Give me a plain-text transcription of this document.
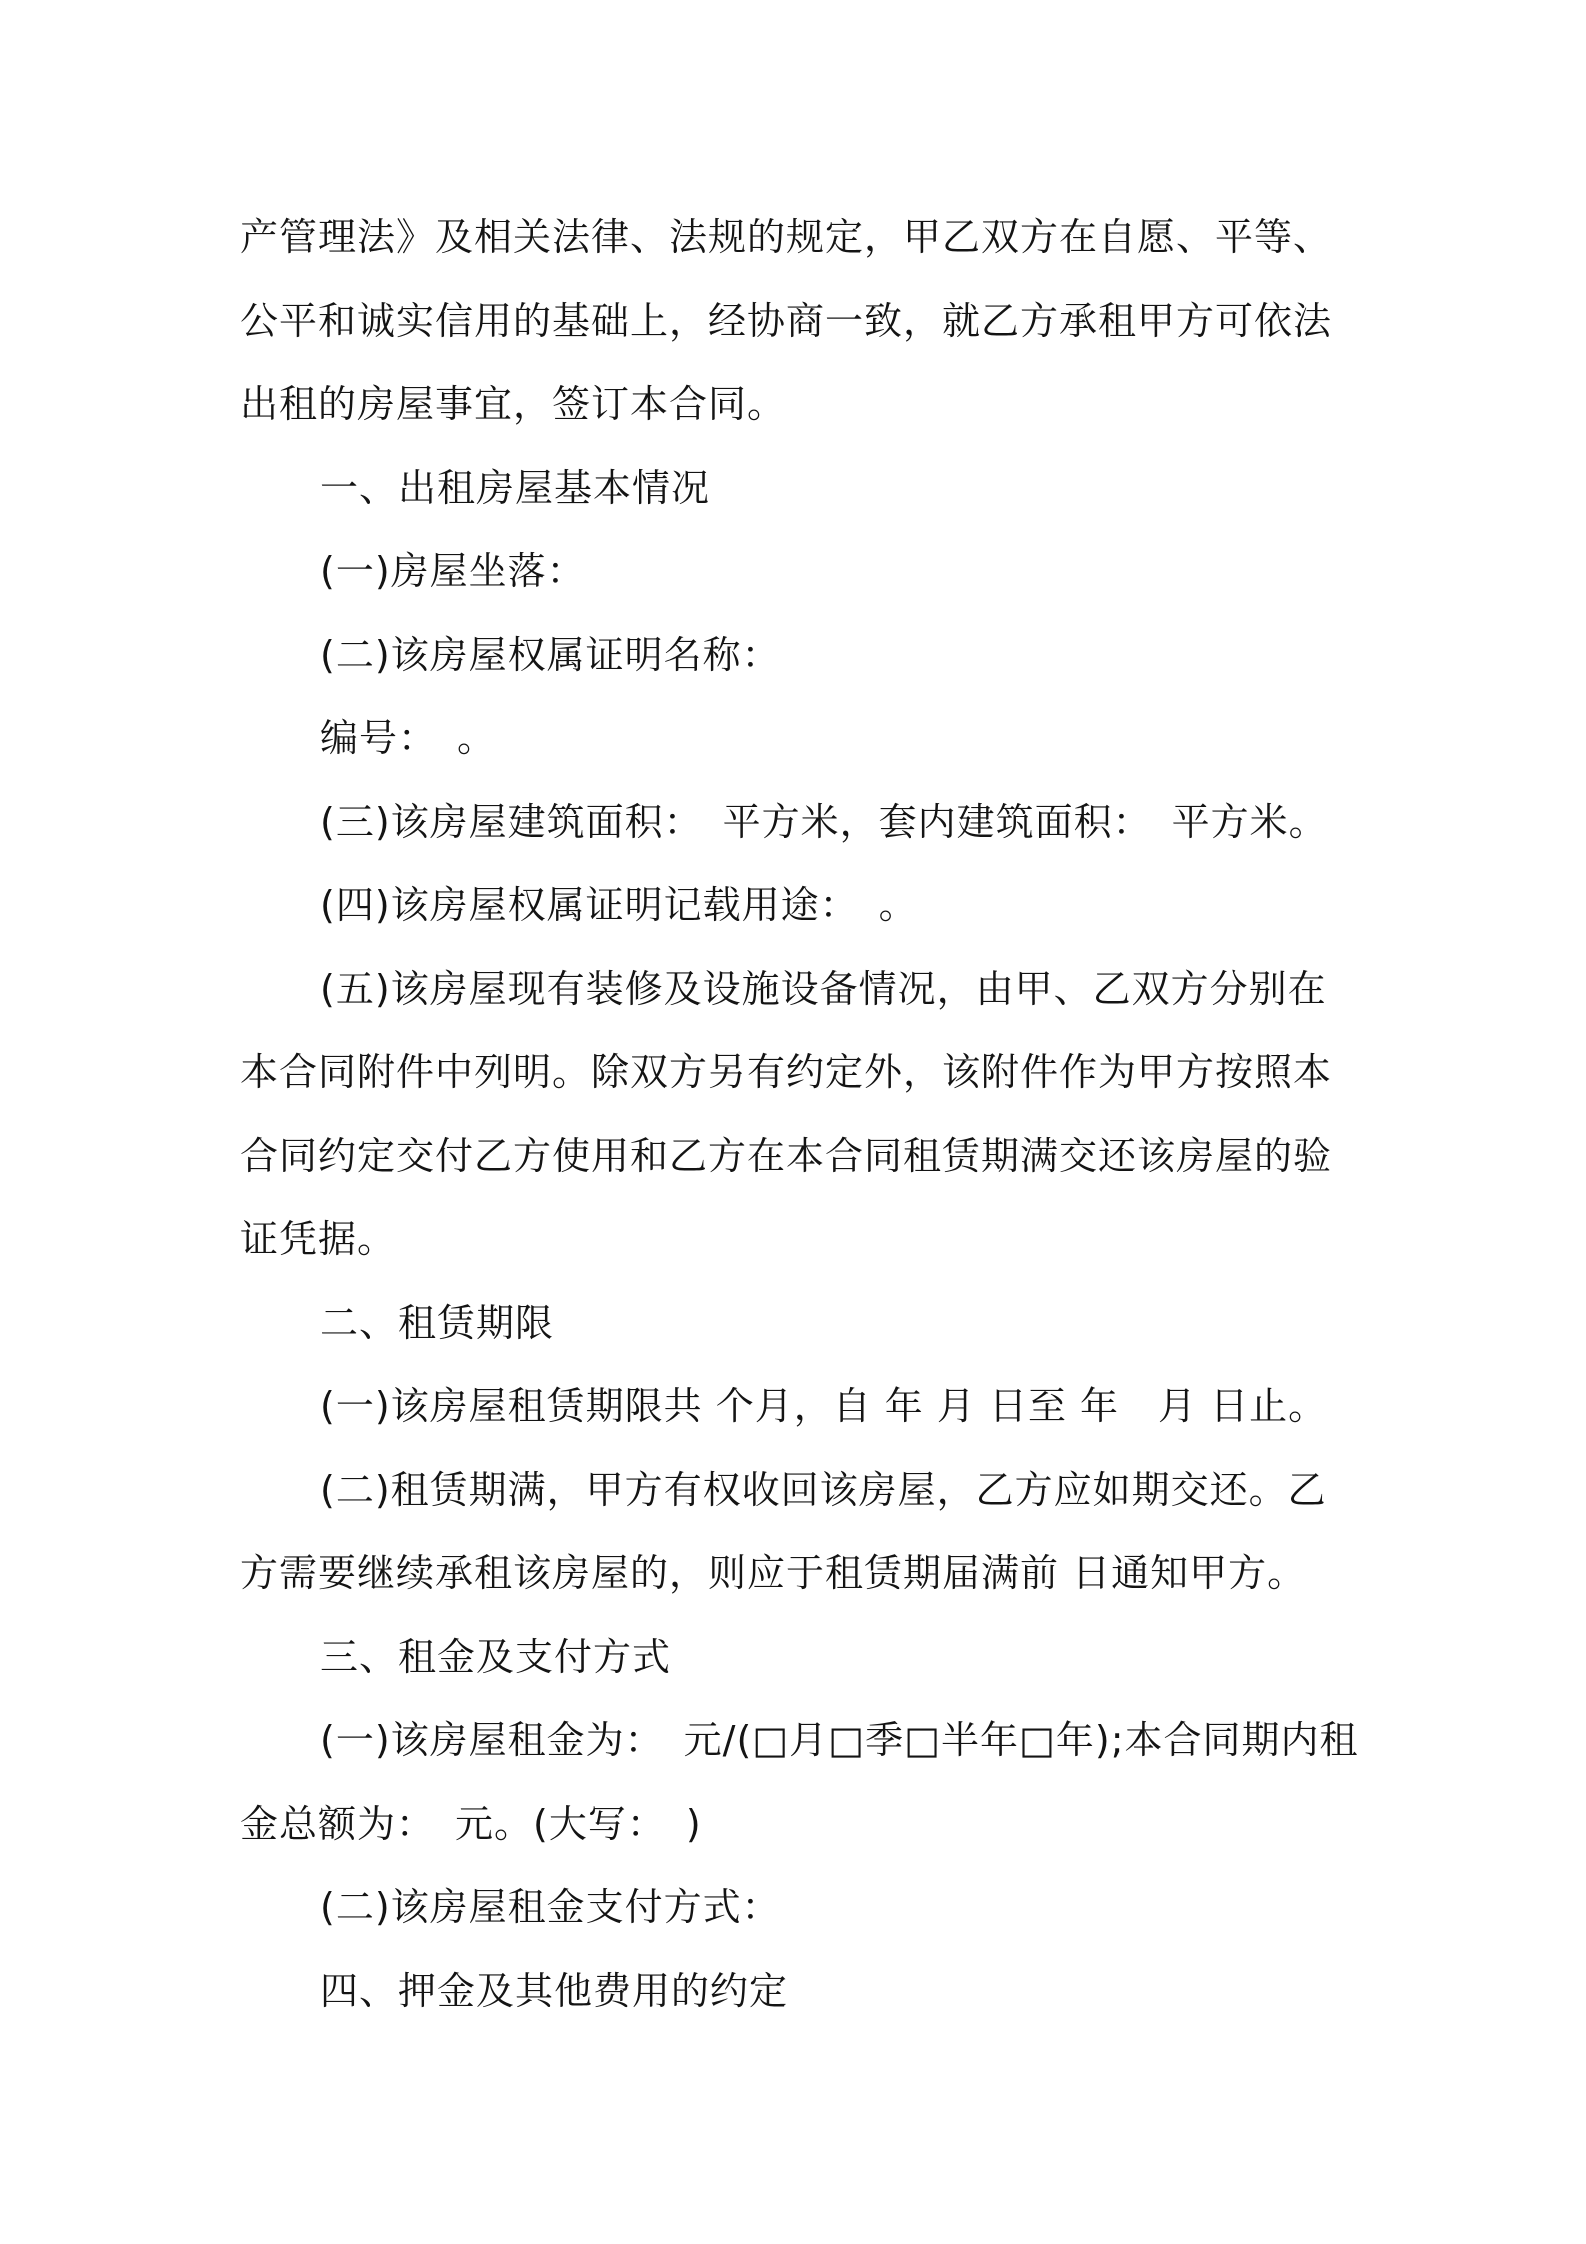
产管理法》及相关法律、法规的规定，甲乙双方在自愿、平等、公平和诚实信用的基础上，经协商一致，就乙方承租甲方可依法出租的房屋事宜，签订本合同。

一、出租房屋基本情况

(一)房屋坐落：

(二)该房屋权属证明名称：

编号：　。

(三)该房屋建筑面积：　平方米，套内建筑面积：　平方米。

(四)该房屋权属证明记载用途：　。

(五)该房屋现有装修及设施设备情况，由甲、乙双方分别在本合同附件中列明。除双方另有约定外，该附件作为甲方按照本合同约定交付乙方使用和乙方在本合同租赁期满交还该房屋的验证凭据。

二、租赁期限

(一)该房屋租赁期限共 个月，自 年 月 日至 年　月 日止。

(二)租赁期满，甲方有权收回该房屋，乙方应如期交还。乙方需要继续承租该房屋的，则应于租赁期届满前 日通知甲方。

三、租金及支付方式

(一)该房屋租金为：　元/(□月□季□半年□年);本合同期内租金总额为：　元。(大写：　)

(二)该房屋租金支付方式：

四、押金及其他费用的约定
